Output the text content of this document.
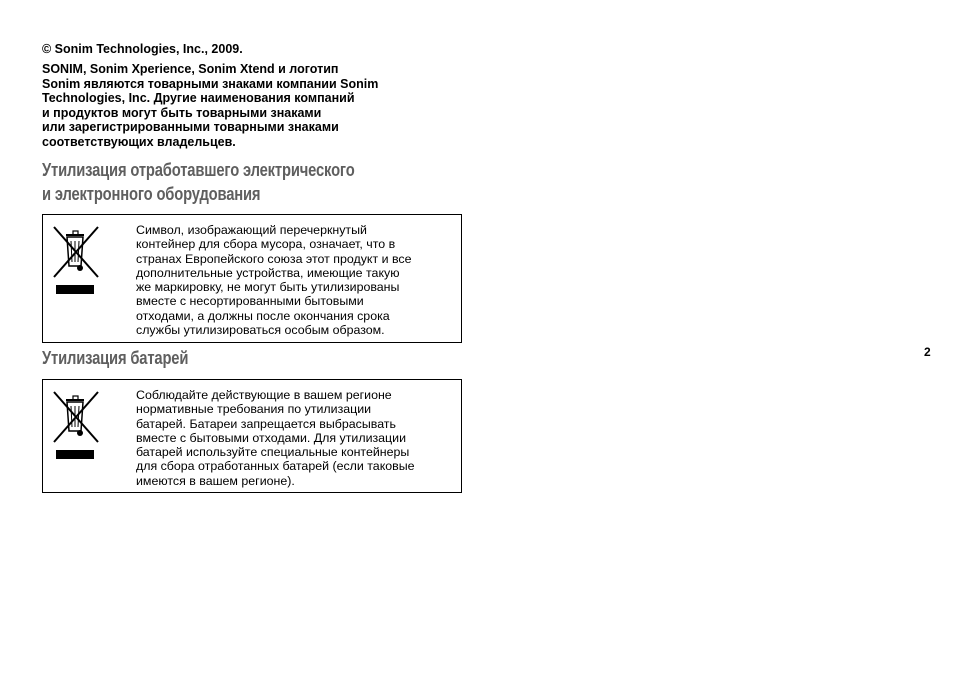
© Sonim Technologies, Inc., 2009.

SONIM, Sonim Xperience, Sonim Xtend и логотип
Sonim являются товарными знаками компании Sonim
Technologies, Inc. Другие наименования компаний
и продуктов могут быть товарными знаками
или зарегистрированными товарными знаками
соответствующих владельцев.

Утилизация отработавшего электрического
и электронного оборудования
Символ, изображающий перечеркнутый
контейнер для сбора мусора, означает, что в
странах Европейского союза этот продукт и все
дополнительные устройства, имеющие такую
же маркировку, не могут быть утилизированы
вместе с несортированными бытовыми
отходами, а должны после окончания срока
службы утилизироваться особым образом.
Утилизация батарей
Соблюдайте действующие в вашем регионе
нормативные требования по утилизации
батарей. Батареи запрещается выбрасывать
вместе с бытовыми отходами. Для утилизации
батарей используйте специальные контейнеры
для сбора отработанных батарей (если таковые
имеются в вашем регионе).
2
